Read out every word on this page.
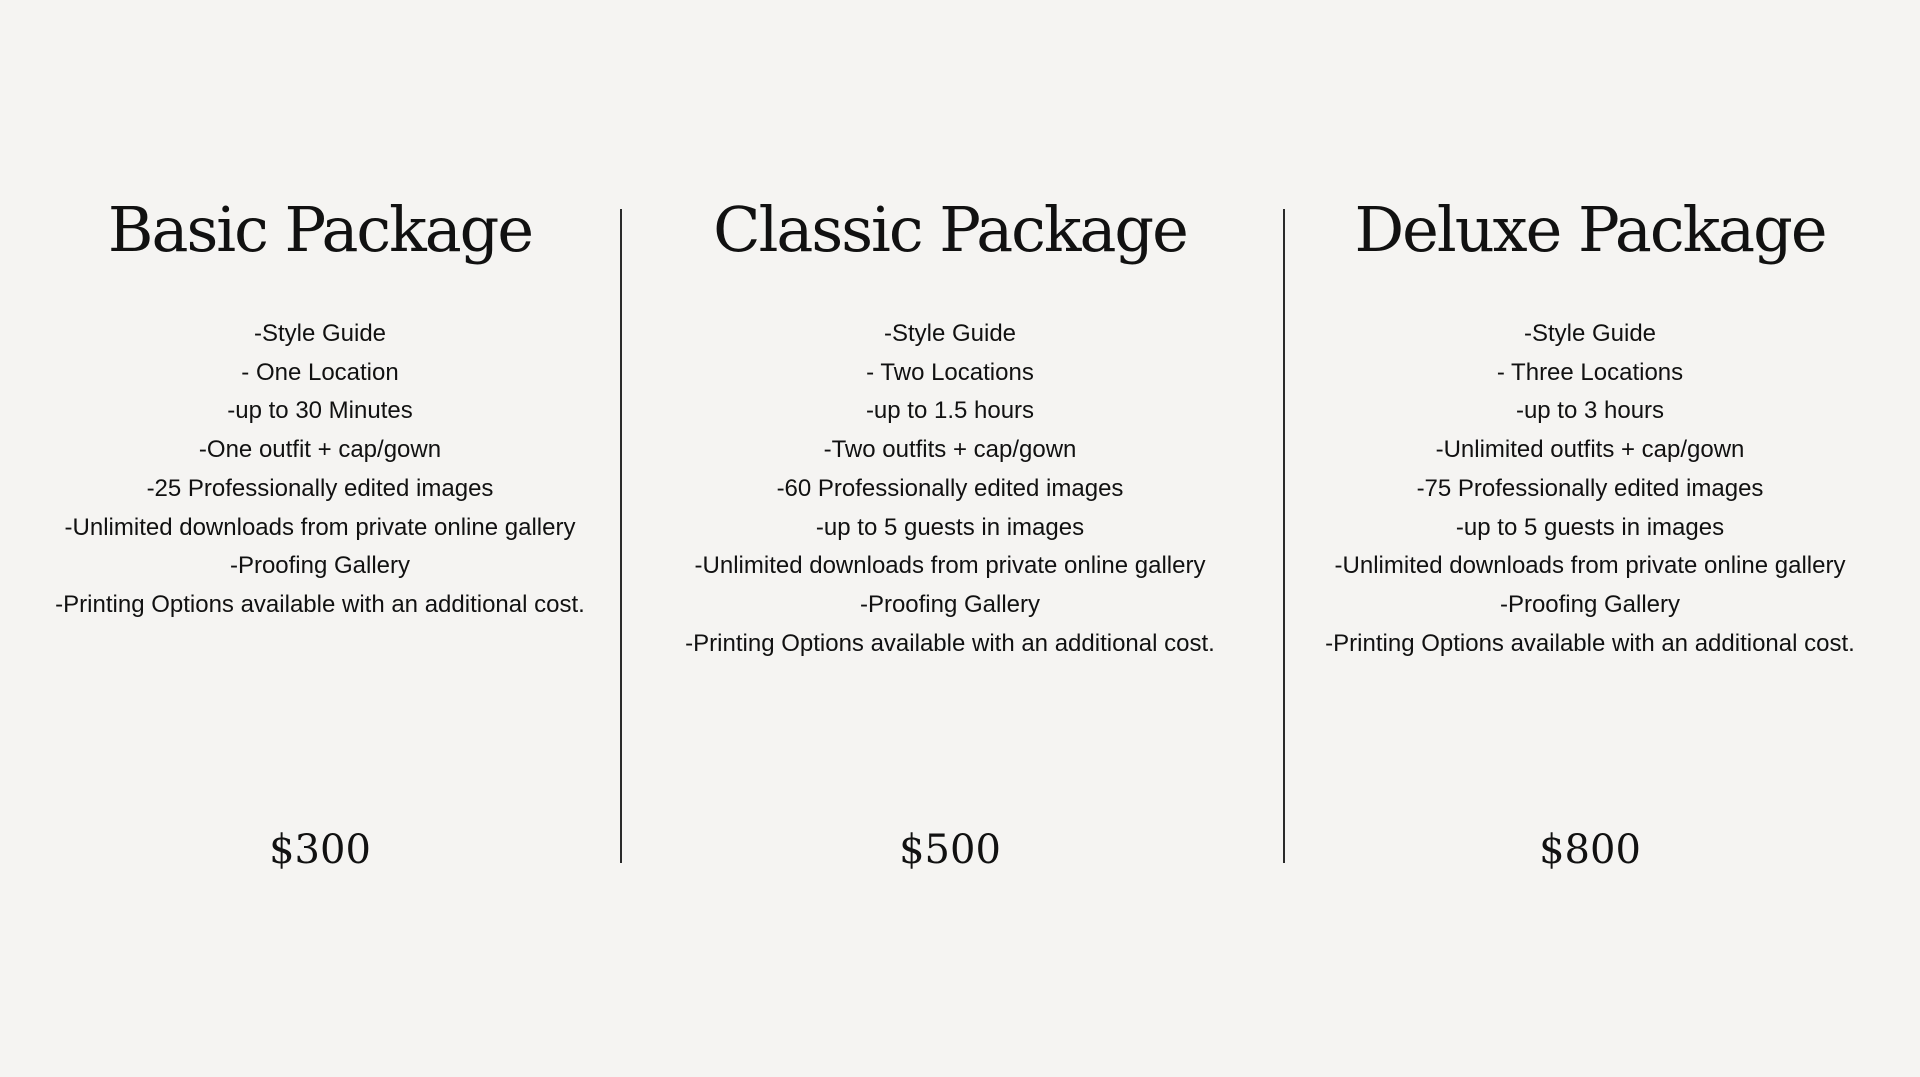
Basic Package
-Style Guide
- One Location
-up to 30 Minutes
-One outfit + cap/gown
-25 Professionally edited images
-Unlimited downloads from private online gallery
-Proofing Gallery
-Printing Options available with an additional cost.
$300
Classic Package
-Style Guide
- Two Locations
-up to 1.5 hours
-Two outfits + cap/gown
-60 Professionally edited images
-up to 5 guests in images
-Unlimited downloads from private online gallery
-Proofing Gallery
-Printing Options available with an additional cost.
$500
Deluxe Package
-Style Guide
- Three Locations
-up to 3 hours
-Unlimited outfits + cap/gown
-75 Professionally edited images
-up to 5 guests in images
-Unlimited downloads from private online gallery
-Proofing Gallery
-Printing Options available with an additional cost.
$800
